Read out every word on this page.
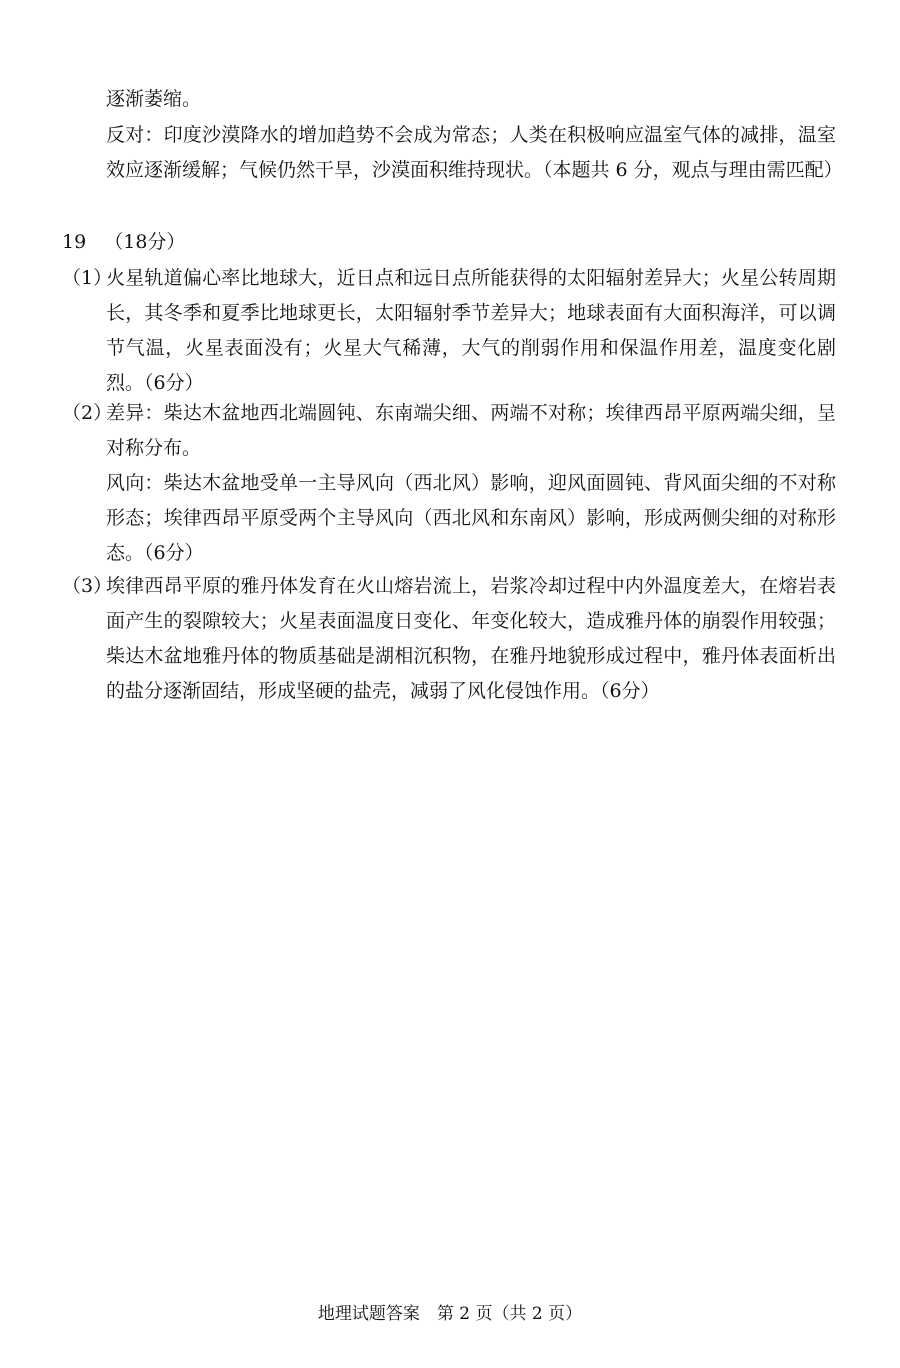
逐渐萎缩。
反对：印度沙漠降水的增加趋势不会成为常态；人类在积极响应温室气体的减排，温室效应逐渐缓解；气候仍然干旱，沙漠面积维持现状。（本题共 6 分，观点与理由需匹配）
19 （18分）
（1）
火星轨道偏心率比地球大，近日点和远日点所能获得的太阳辐射差异大；火星公转周期长，其冬季和夏季比地球更长，太阳辐射季节差异大；地球表面有大面积海洋，可以调节气温，火星表面没有；火星大气稀薄，大气的削弱作用和保温作用差，温度变化剧烈。（6分）
（2）
差异：柴达木盆地西北端圆钝、东南端尖细、两端不对称；埃律西昂平原两端尖细，呈对称分布。
风向：柴达木盆地受单一主导风向（西北风）影响，迎风面圆钝、背风面尖细的不对称形态；埃律西昂平原受两个主导风向（西北风和东南风）影响，形成两侧尖细的对称形态。（6分）
（3）
埃律西昂平原的雅丹体发育在火山熔岩流上，岩浆冷却过程中内外温度差大，在熔岩表面产生的裂隙较大；火星表面温度日变化、年变化较大，造成雅丹体的崩裂作用较强；柴达木盆地雅丹体的物质基础是湖相沉积物，在雅丹地貌形成过程中，雅丹体表面析出的盐分逐渐固结，形成坚硬的盐壳，减弱了风化侵蚀作用。（6分）
地理试题答案　第 2 页（共 2 页）
